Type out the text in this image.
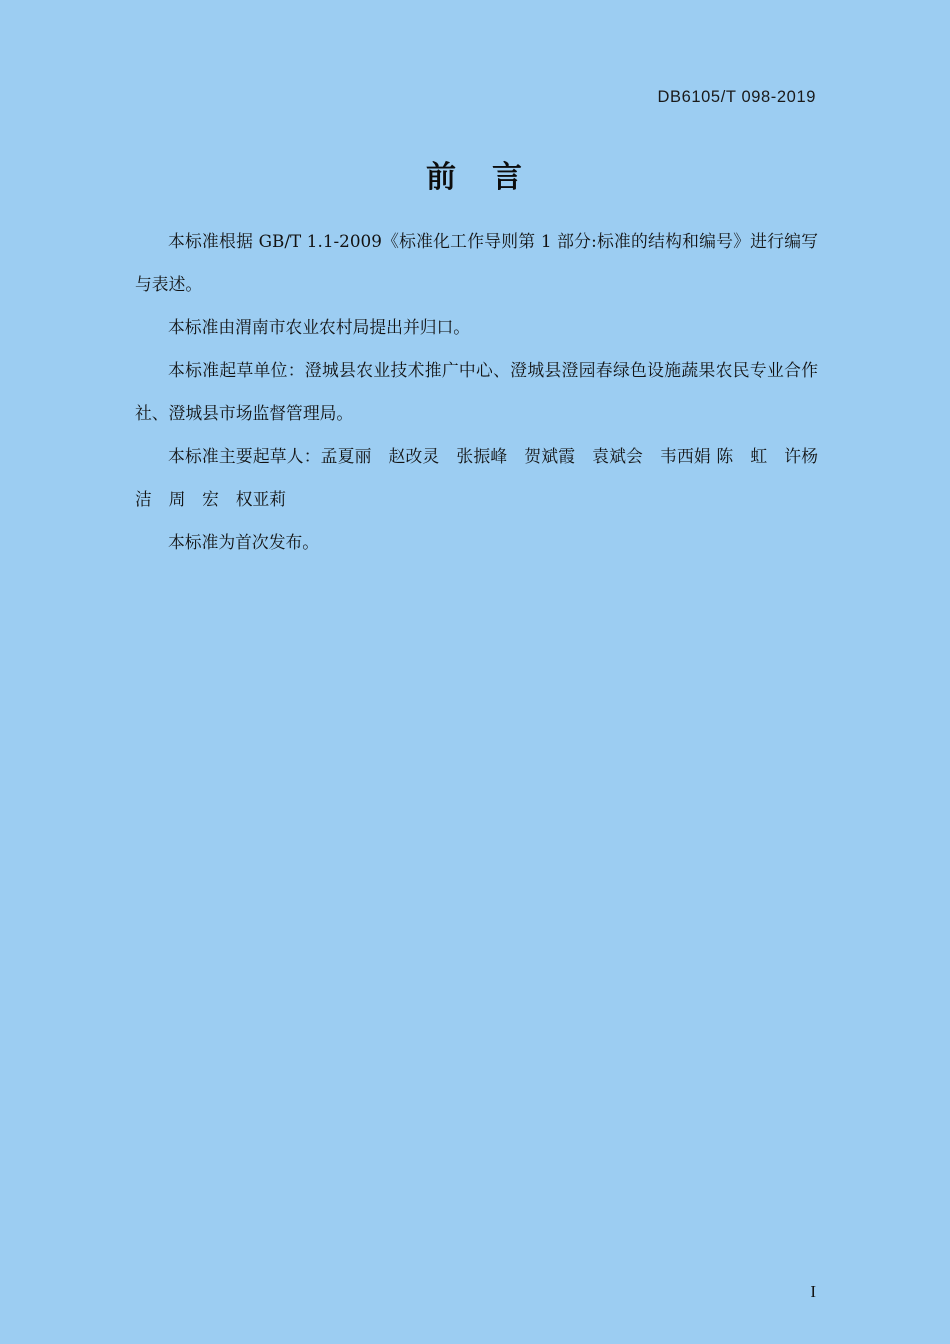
DB6105/T 098-2019
前 言

本标准根据 GB/T 1.1-2009《标准化工作导则第 1 部分:标准的结构和编号》进行编写与表述。

本标准由渭南市农业农村局提出并归口。

本标准起草单位：澄城县农业技术推广中心、澄城县澄园春绿色设施蔬果农民专业合作社、澄城县市场监督管理局。

本标准主要起草人：孟夏丽　赵改灵　张振峰　贺斌霞　袁斌会　韦西娟 陈　虹　许杨洁　周　宏　权亚莉

本标准为首次发布。

I
